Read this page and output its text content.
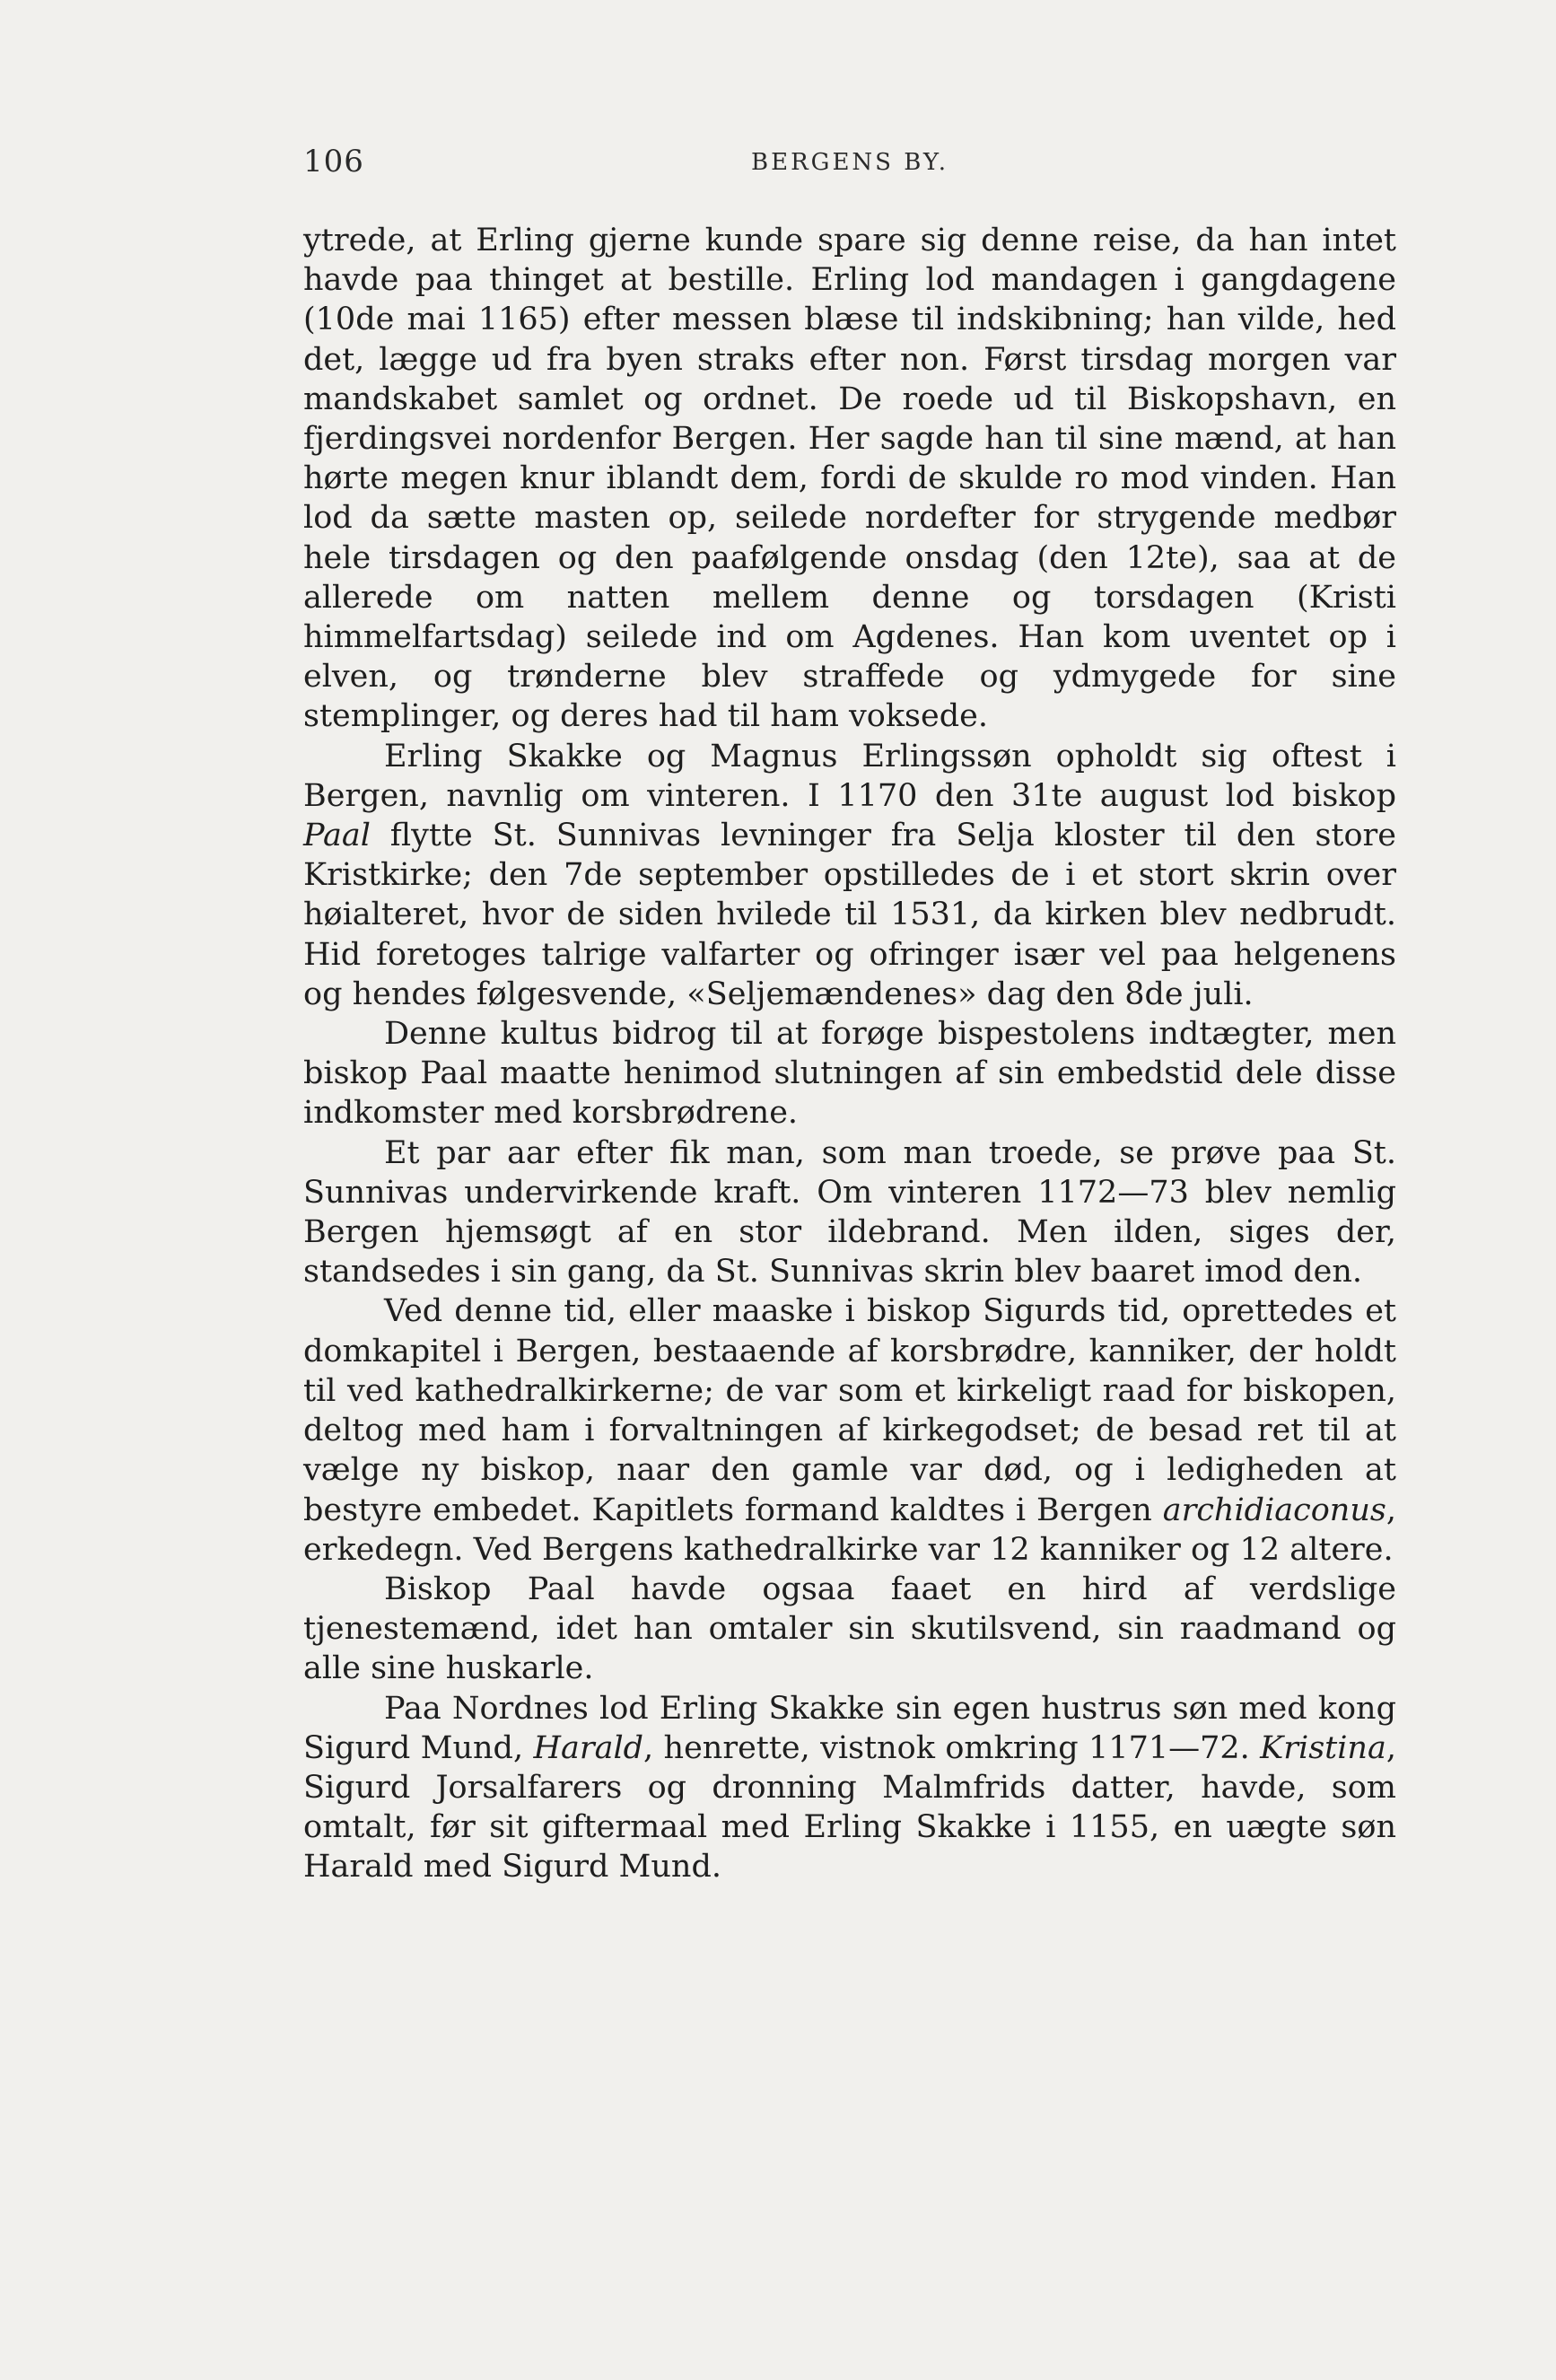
106	BERGENS BY.

ytrede, at Erling gjerne kunde spare sig denne reise, da han intet havde paa thinget at bestille. Erling lod mandagen i gangdagene (10de mai 1165) efter messen blæse til indskibning; han vilde, hed det, lægge ud fra byen straks efter non. Først tirsdag morgen var mandskabet samlet og ordnet. De roede ud til Biskopshavn, en fjerdingsvei nordenfor Bergen. Her sagde han til sine mænd, at han hørte megen knur iblandt dem, fordi de skulde ro mod vinden. Han lod da sætte masten op, seilede nordefter for strygende medbør hele tirsdagen og den paafølgende onsdag (den 12te), saa at de allerede om natten mellem denne og torsdagen (Kristi himmelfartsdag) seilede ind om Agdenes. Han kom uventet op i elven, og trønderne blev straffede og ydmygede for sine stemplinger, og deres had til ham voksede.

Erling Skakke og Magnus Erlingssøn opholdt sig oftest i Bergen, navnlig om vinteren. I 1170 den 31te august lod biskop Paal flytte St. Sunnivas levninger fra Selja kloster til den store Kristkirke; den 7de september opstilledes de i et stort skrin over høialteret, hvor de siden hvilede til 1531, da kirken blev nedbrudt. Hid foretoges talrige valfarter og ofringer især vel paa helgenens og hendes følgesvende, «Seljemændenes» dag den 8de juli.

Denne kultus bidrog til at forøge bispestolens indtægter, men biskop Paal maatte henimod slutningen af sin embedstid dele disse indkomster med korsbrødrene.

Et par aar efter fik man, som man troede, se prøve paa St. Sunnivas undervirkende kraft. Om vinteren 1172—73 blev nemlig Bergen hjemsøgt af en stor ildebrand. Men ilden, siges der, standsedes i sin gang, da St. Sunnivas skrin blev baaret imod den.

Ved denne tid, eller maaske i biskop Sigurds tid, oprettedes et domkapitel i Bergen, bestaaende af korsbrødre, kanniker, der holdt til ved kathedralkirkerne; de var som et kirkeligt raad for biskopen, deltog med ham i forvaltningen af kirkegodset; de besad ret til at vælge ny biskop, naar den gamle var død, og i ledigheden at bestyre embedet. Kapitlets formand kaldtes i Bergen archidiaconus, erkedegn. Ved Bergens kathedralkirke var 12 kanniker og 12 altere.

Biskop Paal havde ogsaa faaet en hird af verdslige tjenestemænd, idet han omtaler sin skutilsvend, sin raadmand og alle sine huskarle.

Paa Nordnes lod Erling Skakke sin egen hustrus søn med kong Sigurd Mund, Harald, henrette, vistnok omkring 1171—72. Kristina, Sigurd Jorsalfarers og dronning Malmfrids datter, havde, som omtalt, før sit giftermaal med Erling Skakke i 1155, en uægte søn Harald med Sigurd Mund.
